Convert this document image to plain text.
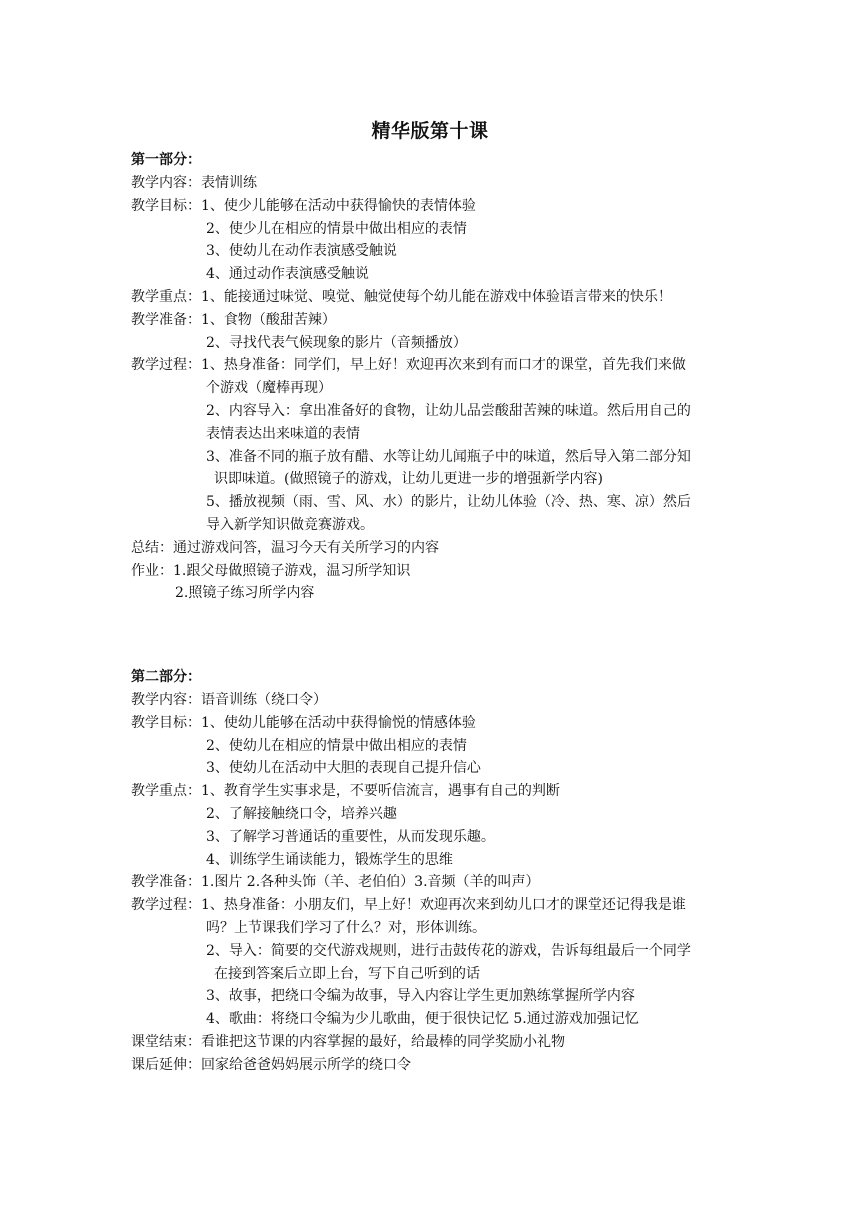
精华版第十课
第一部分：
教学内容：表情训练
教学目标：1、使少儿能够在活动中获得愉快的表情体验
2、使少儿在相应的情景中做出相应的表情
3、使幼儿在动作表演感受触说
4、通过动作表演感受触说
教学重点：1、能接通过味觉、嗅觉、触觉使每个幼儿能在游戏中体验语言带来的快乐！
教学准备：1、食物（酸甜苦辣）
2、寻找代表气候现象的影片（音频播放）
教学过程：1、热身准备：同学们，早上好！欢迎再次来到有而口才的课堂，首先我们来做
个游戏（魔棒再现）
2、内容导入：拿出准备好的食物，让幼儿品尝酸甜苦辣的味道。然后用自己的
表情表达出来味道的表情
3、准备不同的瓶子放有醋、水等让幼儿闻瓶子中的味道，然后导入第二部分知
识即味道。(做照镜子的游戏，让幼儿更进一步的增强新学内容)
5、播放视频（雨、雪、风、水）的影片，让幼儿体验（冷、热、寒、凉）然后
导入新学知识做竞赛游戏。
总结：通过游戏问答，温习今天有关所学习的内容
作业：1.跟父母做照镜子游戏，温习所学知识
2.照镜子练习所学内容
第二部分：
教学内容：语音训练（绕口令）
教学目标：1、使幼儿能够在活动中获得愉悦的情感体验
2、使幼儿在相应的情景中做出相应的表情
3、使幼儿在活动中大胆的表现自己提升信心
教学重点：1、教育学生实事求是，不要听信流言，遇事有自己的判断
2、了解接触绕口令，培养兴趣
3、了解学习普通话的重要性，从而发现乐趣。
4、训练学生诵读能力，锻炼学生的思维
教学准备：1.图片 2.各种头饰（羊、老伯伯）3.音频（羊的叫声）
教学过程：1、热身准备：小朋友们，早上好！欢迎再次来到幼儿口才的课堂还记得我是谁
吗？上节课我们学习了什么？对，形体训练。
2、导入：简要的交代游戏规则，进行击鼓传花的游戏，告诉每组最后一个同学
在接到答案后立即上台，写下自己听到的话
3、故事，把绕口令编为故事，导入内容让学生更加熟练掌握所学内容
4、歌曲：将绕口令编为少儿歌曲，便于很快记忆 5.通过游戏加强记忆
课堂结束：看谁把这节课的内容掌握的最好，给最棒的同学奖励小礼物
课后延伸：回家给爸爸妈妈展示所学的绕口令
